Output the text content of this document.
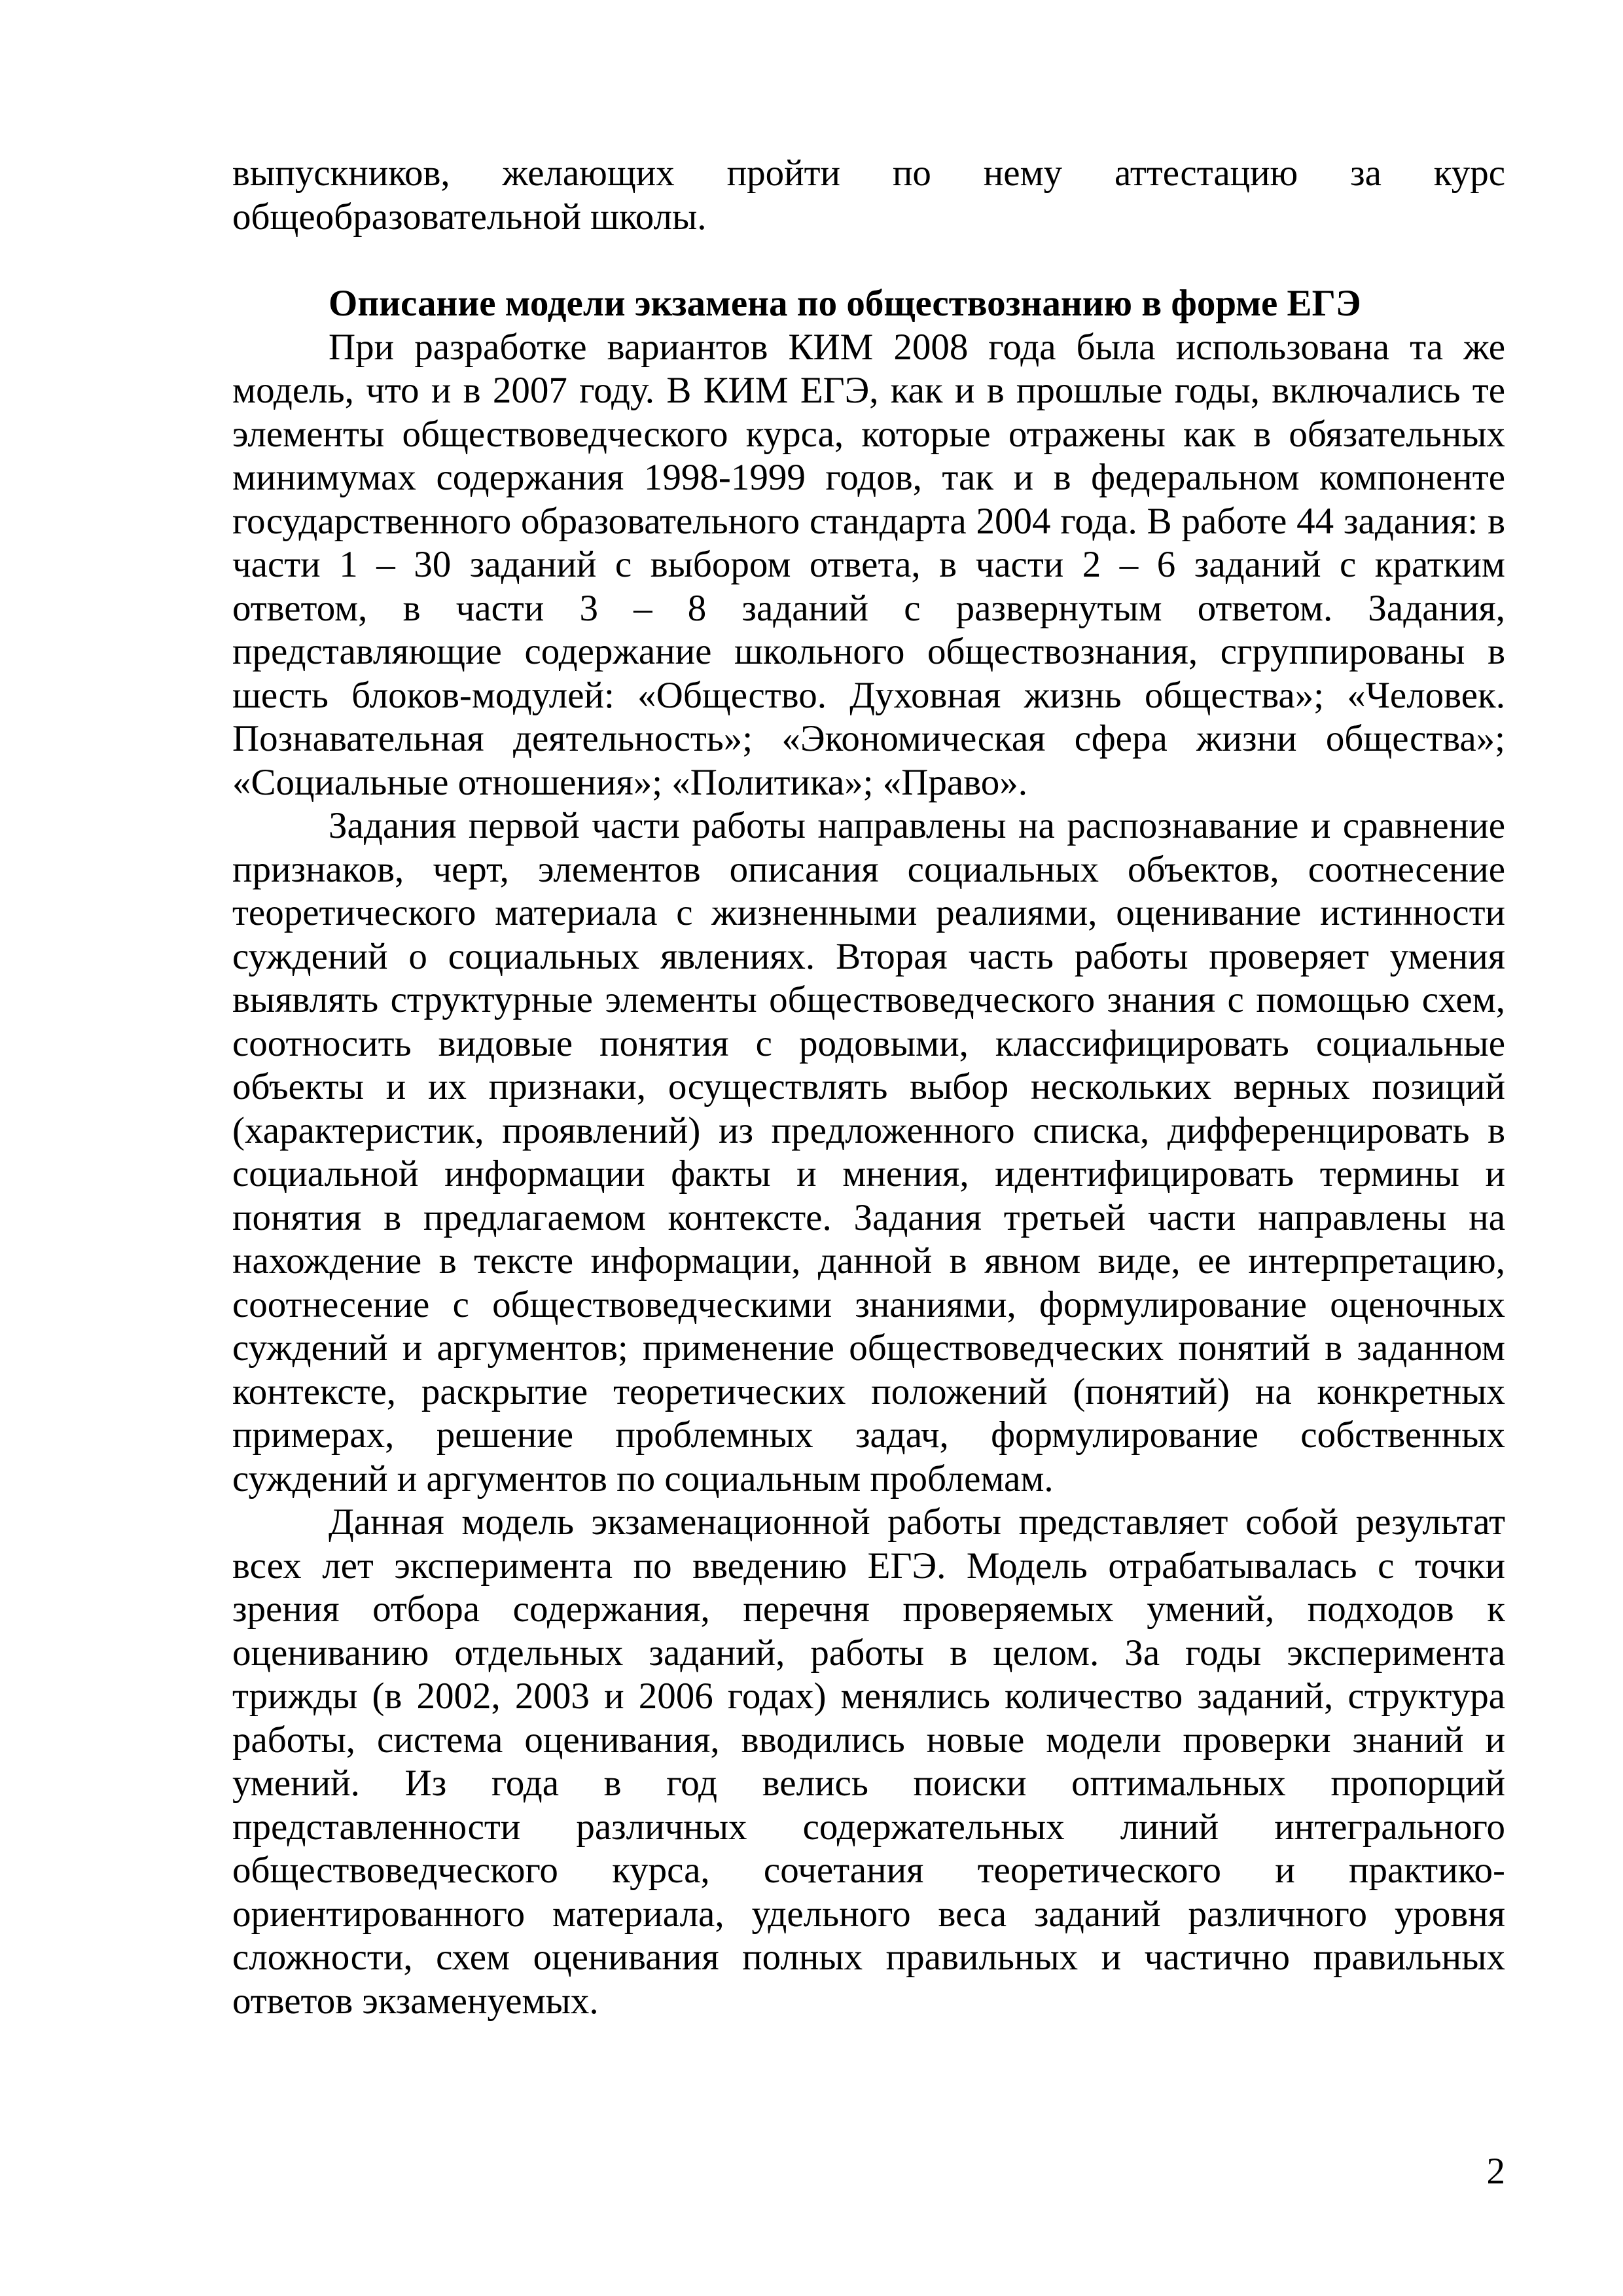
выпускников, желающих пройти по нему аттестацию за курс

общеобразовательной школы.

Описание модели экзамена по обществознанию в форме ЕГЭ

При разработке вариантов КИМ 2008 года была использована та же модель, что и в 2007 году. В КИМ ЕГЭ, как и в прошлые годы, включались те элементы обществоведческого курса, которые отражены как в обязательных минимумах содержания 1998-1999 годов, так и в федеральном компоненте государственного образовательного стандарта 2004 года. В работе 44 задания: в части 1 – 30 заданий с выбором ответа, в части 2 – 6 заданий с кратким ответом, в части 3 – 8 заданий с развернутым ответом. Задания, представляющие содержание школьного обществознания, сгруппированы в шесть блоков-модулей: «Общество. Духовная жизнь общества»; «Человек. Познавательная деятельность»; «Экономическая сфера жизни общества»; «Социальные отношения»; «Политика»; «Право».

Задания первой части работы направлены на распознавание и сравнение признаков, черт, элементов описания социальных объектов, соотнесение теоретического материала с жизненными реалиями, оценивание истинности суждений о социальных явлениях. Вторая часть работы проверяет умения выявлять структурные элементы обществоведческого знания с помощью схем, соотносить видовые понятия с родовыми, классифицировать социальные объекты и их признаки, осуществлять выбор нескольких верных позиций (характеристик, проявлений) из предложенного списка, дифференцировать в социальной информации факты и мнения, идентифицировать термины и понятия в предлагаемом контексте. Задания третьей части направлены на нахождение в тексте информации, данной в явном виде, ее интерпретацию, соотнесение с обществоведческими знаниями, формулирование оценочных суждений и аргументов; применение обществоведческих понятий в заданном контексте, раскрытие теоретических положений (понятий) на конкретных примерах, решение проблемных задач, формулирование собственных суждений и аргументов по социальным проблемам.

Данная модель экзаменационной работы представляет собой результат всех лет эксперимента по введению ЕГЭ. Модель отрабатывалась с точки зрения отбора содержания, перечня проверяемых умений, подходов к оцениванию отдельных заданий, работы в целом. За годы эксперимента трижды (в 2002, 2003 и 2006 годах) менялись количество заданий, структура работы, система оценивания, вводились новые модели проверки знаний и умений. Из года в год велись поиски оптимальных пропорций представленности различных содержательных линий интегрального обществоведческого курса, сочетания теоретического и практико-ориентированного материала, удельного веса заданий различного уровня сложности, схем оценивания полных правильных и частично правильных ответов экзаменуемых.

2
